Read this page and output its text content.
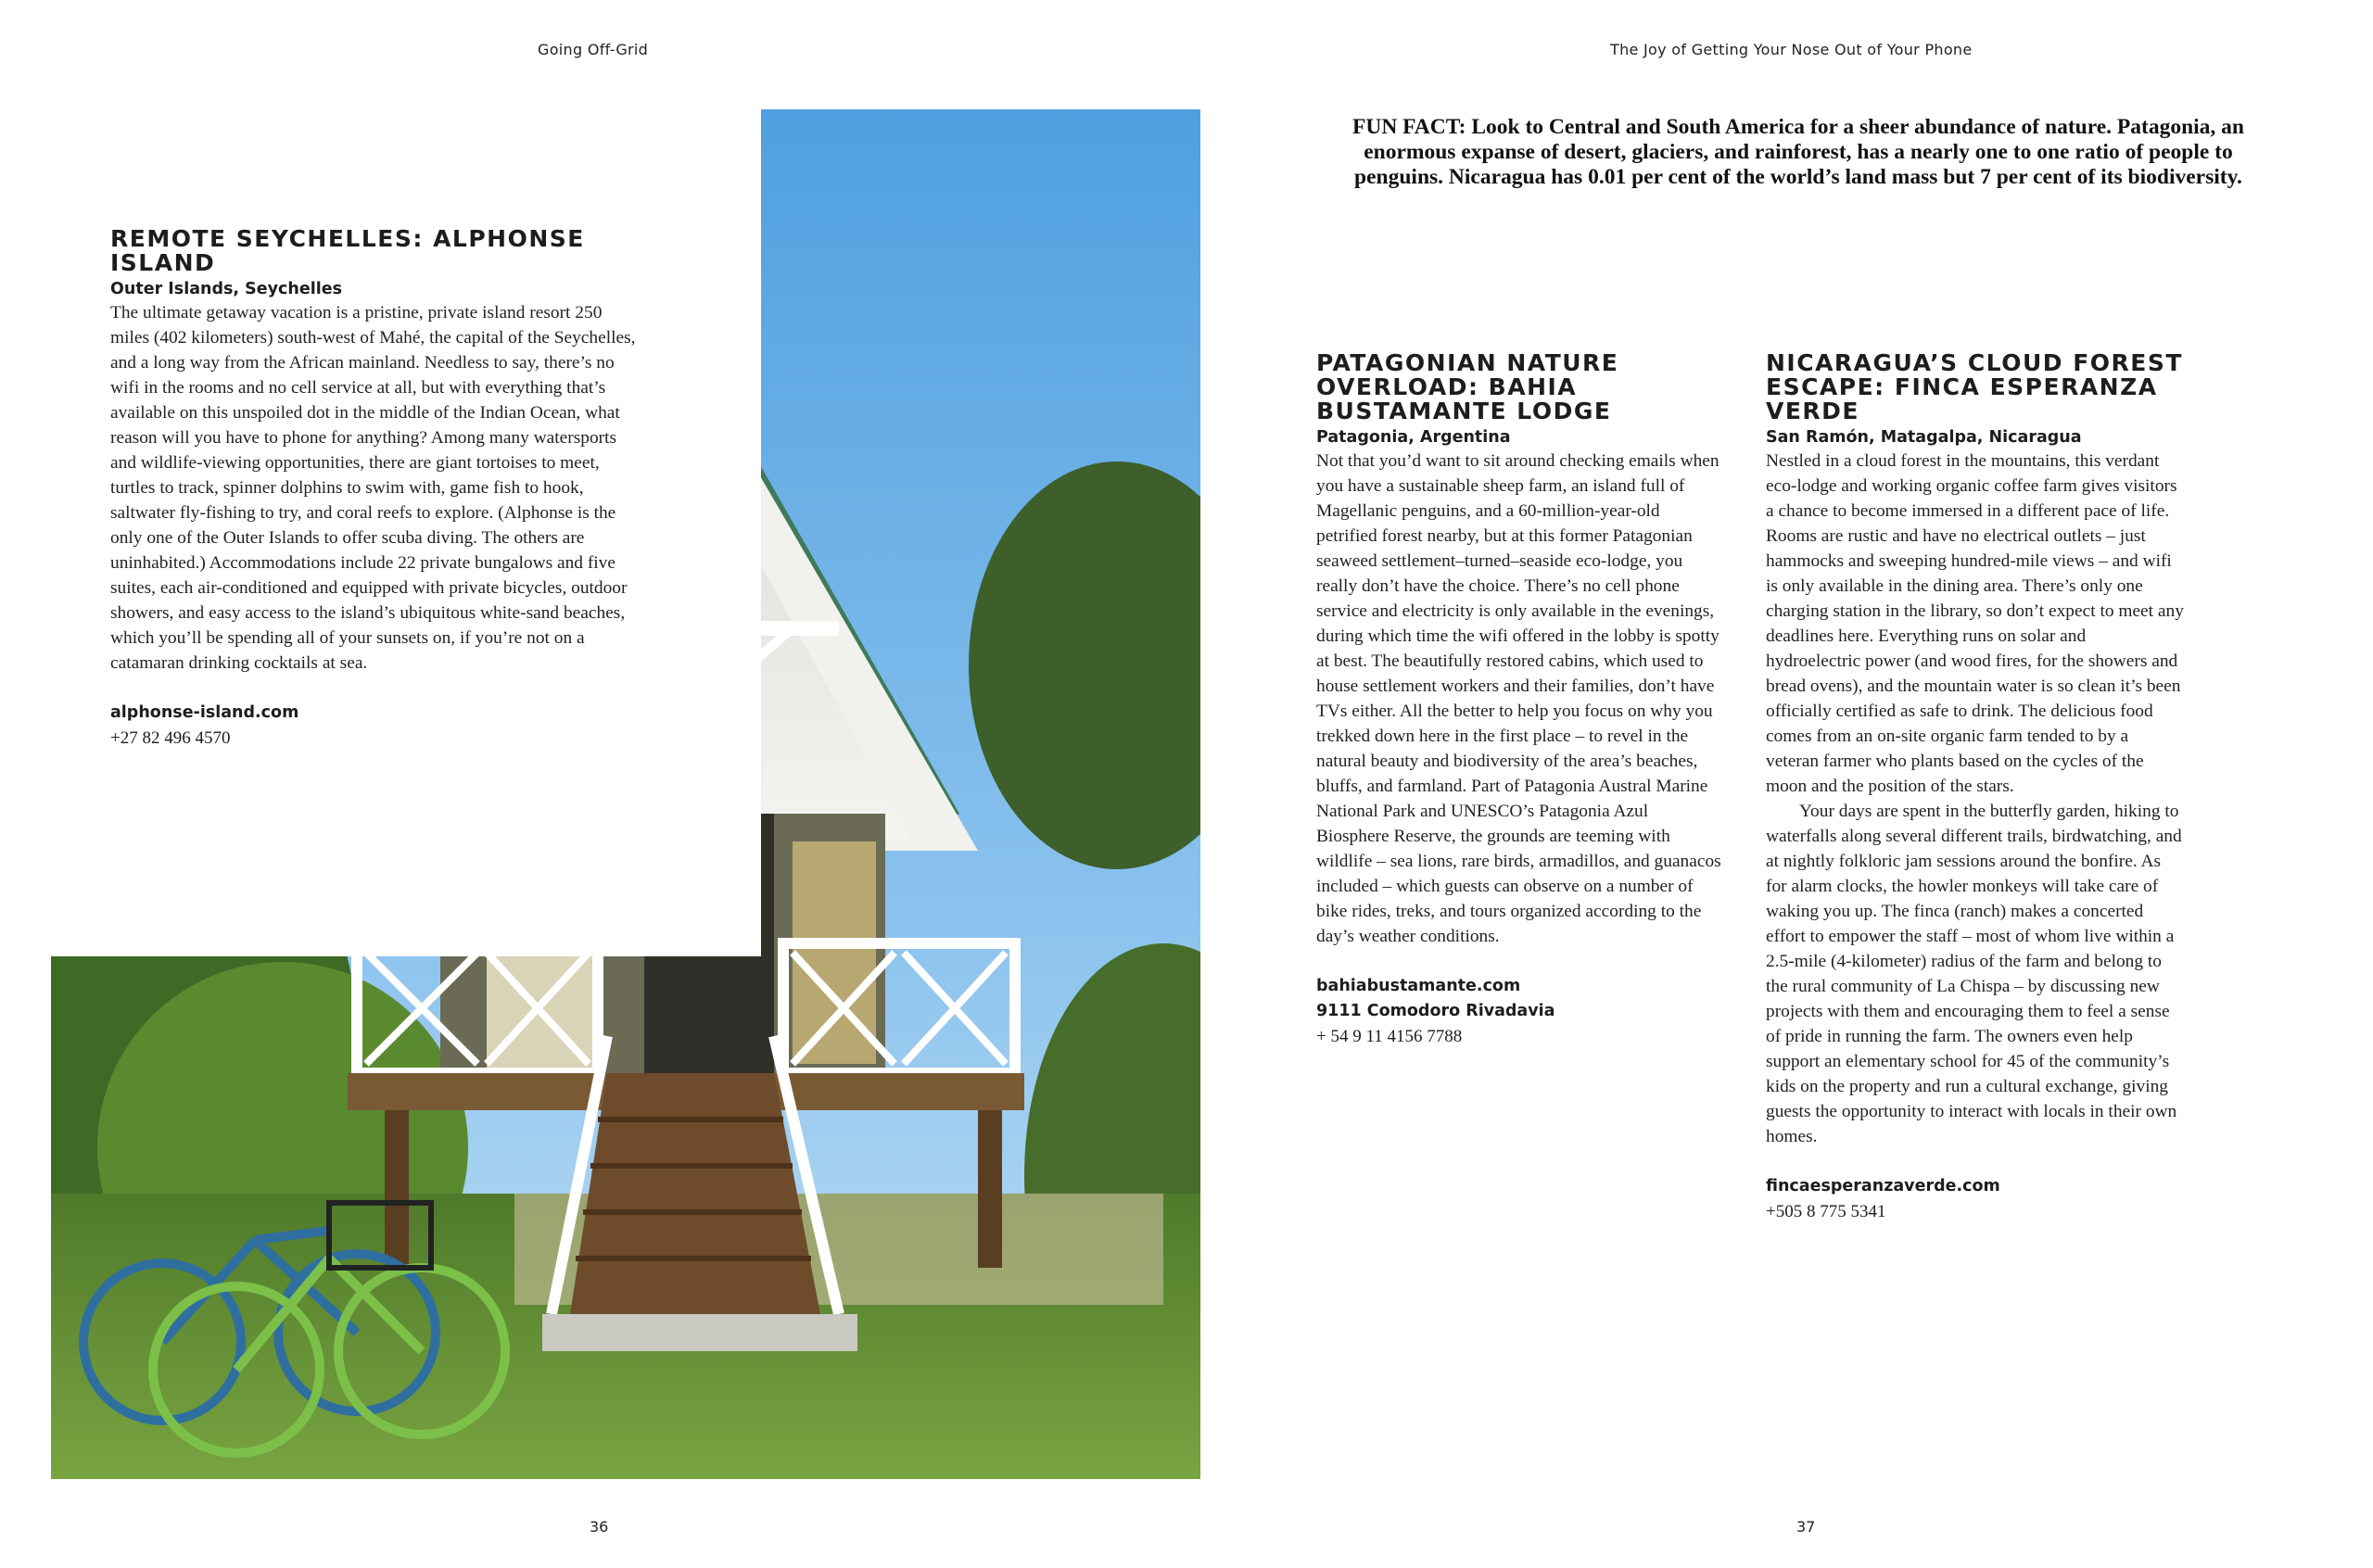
Going Off-Grid	The Joy of Getting Your Nose Out of Your Phone
REMOTE SEYCHELLES: ALPHONSE ISLAND
Outer Islands, Seychelles

The ultimate getaway vacation is a pristine, private island resort 250 miles (402 kilometers) south-west of Mahé, the capital of the Seychelles, and a long way from the African mainland. Needless to say, there’s no wifi in the rooms and no cell service at all, but with everything that’s available on this unspoiled dot in the middle of the Indian Ocean, what reason will you have to phone for anything? Among many watersports and wildlife-viewing opportunities, there are giant tortoises to meet, turtles to track, spinner dolphins to swim with, game fish to hook, saltwater fly-fishing to try, and coral reefs to explore. (Alphonse is the only one of the Outer Islands to offer scuba diving. The others are uninhabited.) Accommodations include 22 private bungalows and five suites, each air-conditioned and equipped with private bicycles, outdoor showers, and easy access to the island’s ubiquitous white-sand beaches, which you’ll be spending all of your sunsets on, if you’re not on a catamaran drinking cocktails at sea.

alphonse-island.com
+27 82 496 4570
FUN FACT: Look to Central and South America for a sheer abundance of nature. Patagonia, an enormous expanse of desert, glaciers, and rainforest, has a nearly one to one ratio of people to penguins. Nicaragua has 0.01 per cent of the world’s land mass but 7 per cent of its biodiversity.
PATAGONIAN NATURE OVERLOAD: BAHIA BUSTAMANTE LODGE
Patagonia, Argentina

Not that you’d want to sit around checking emails when you have a sustainable sheep farm, an island full of Magellanic penguins, and a 60-million-year-old petrified forest nearby, but at this former Patagonian seaweed settlement–turned–seaside eco-lodge, you really don’t have the choice. There’s no cell phone service and electricity is only available in the evenings, during which time the wifi offered in the lobby is spotty at best. The beautifully restored cabins, which used to house settlement workers and their families, don’t have TVs either. All the better to help you focus on why you trekked down here in the first place – to revel in the natural beauty and biodiversity of the area’s beaches, bluffs, and farmland. Part of Patagonia Austral Marine National Park and UNESCO’s Patagonia Azul Biosphere Reserve, the grounds are teeming with wildlife – sea lions, rare birds, armadillos, and guanacos included – which guests can observe on a number of bike rides, treks, and tours organized according to the day’s weather conditions.

bahiabustamante.com
9111 Comodoro Rivadavia
+ 54 9 11 4156 7788
NICARAGUA’S CLOUD FOREST ESCAPE: FINCA ESPERANZA VERDE
San Ramón, Matagalpa, Nicaragua

Nestled in a cloud forest in the mountains, this verdant eco-lodge and working organic coffee farm gives visitors a chance to become immersed in a different pace of life. Rooms are rustic and have no electrical outlets – just hammocks and sweeping hundred-mile views – and wifi is only available in the dining area. There’s only one charging station in the library, so don’t expect to meet any deadlines here. Everything runs on solar and hydroelectric power (and wood fires, for the showers and bread ovens), and the mountain water is so clean it’s been officially certified as safe to drink. The delicious food comes from an on-site organic farm tended to by a veteran farmer who plants based on the cycles of the moon and the position of the stars.

Your days are spent in the butterfly garden, hiking to waterfalls along several different trails, birdwatching, and at nightly folkloric jam sessions around the bonfire. As for alarm clocks, the howler monkeys will take care of waking you up. The finca (ranch) makes a concerted effort to empower the staff – most of whom live within a 2.5-mile (4-kilometer) radius of the farm and belong to the rural community of La Chispa – by discussing new projects with them and encouraging them to feel a sense of pride in running the farm. The owners even help support an elementary school for 45 of the community’s kids on the property and run a cultural exchange, giving guests the opportunity to interact with locals in their own homes.

fincaesperanzaverde.com
+505 8 775 5341
36	37
